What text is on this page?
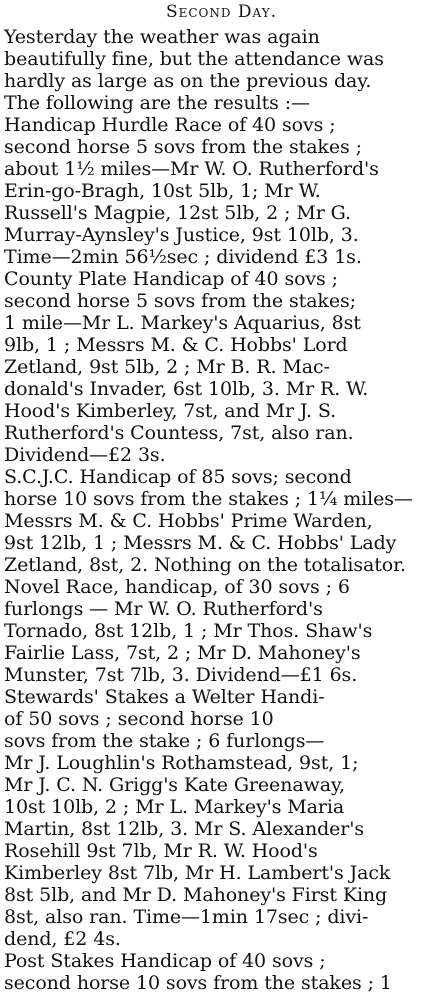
Second Day.
Yesterday the weather was again
beautifully fine, but the attendance was
hardly as large as on the previous day.
The following are the results :—
Handicap Hurdle Race of 40 sovs ;
second horse 5 sovs from the stakes ;
about 1½ miles—Mr W. O. Rutherford's
Erin-go-Bragh, 10st 5lb, 1; Mr W.
Russell's Magpie, 12st 5lb, 2 ; Mr G.
Murray-Aynsley's Justice, 9st 10lb, 3.
Time—2min 56½sec ; dividend £3 1s.
County Plate Handicap of 40 sovs ;
second horse 5 sovs from the stakes;
1 mile—Mr L. Markey's Aquarius, 8st
9lb, 1 ; Messrs M. & C. Hobbs' Lord
Zetland, 9st 5lb, 2 ; Mr B. R. Mac-
donald's Invader, 6st 10lb, 3. Mr R. W.
Hood's Kimberley, 7st, and Mr J. S.
Rutherford's Countess, 7st, also ran.
Dividend—£2 3s.
S.C.J.C. Handicap of 85 sovs; second
horse 10 sovs from the stakes ; 1¼ miles—
Messrs M. & C. Hobbs' Prime Warden,
9st 12lb, 1 ; Messrs M. & C. Hobbs' Lady
Zetland, 8st, 2. Nothing on the totalisator.
Novel Race, handicap, of 30 sovs ; 6
furlongs — Mr W. O. Rutherford's
Tornado, 8st 12lb, 1 ; Mr Thos. Shaw's
Fairlie Lass, 7st, 2 ; Mr D. Mahoney's
Munster, 7st 7lb, 3. Dividend—£1 6s.
Stewards' Stakes a Welter Handi-
of 50 sovs ; second horse 10
sovs from the stake ; 6 furlongs—
Mr J. Loughlin's Rothamstead, 9st, 1;
Mr J. C. N. Grigg's Kate Greenaway,
10st 10lb, 2 ; Mr L. Markey's Maria
Martin, 8st 12lb, 3. Mr S. Alexander's
Rosehill 9st 7lb, Mr R. W. Hood's
Kimberley 8st 7lb, Mr H. Lambert's Jack
8st 5lb, and Mr D. Mahoney's First King
8st, also ran. Time—1min 17sec ; divi-
dend, £2 4s.
Post Stakes Handicap of 40 sovs ;
second horse 10 sovs from the stakes ; 1
